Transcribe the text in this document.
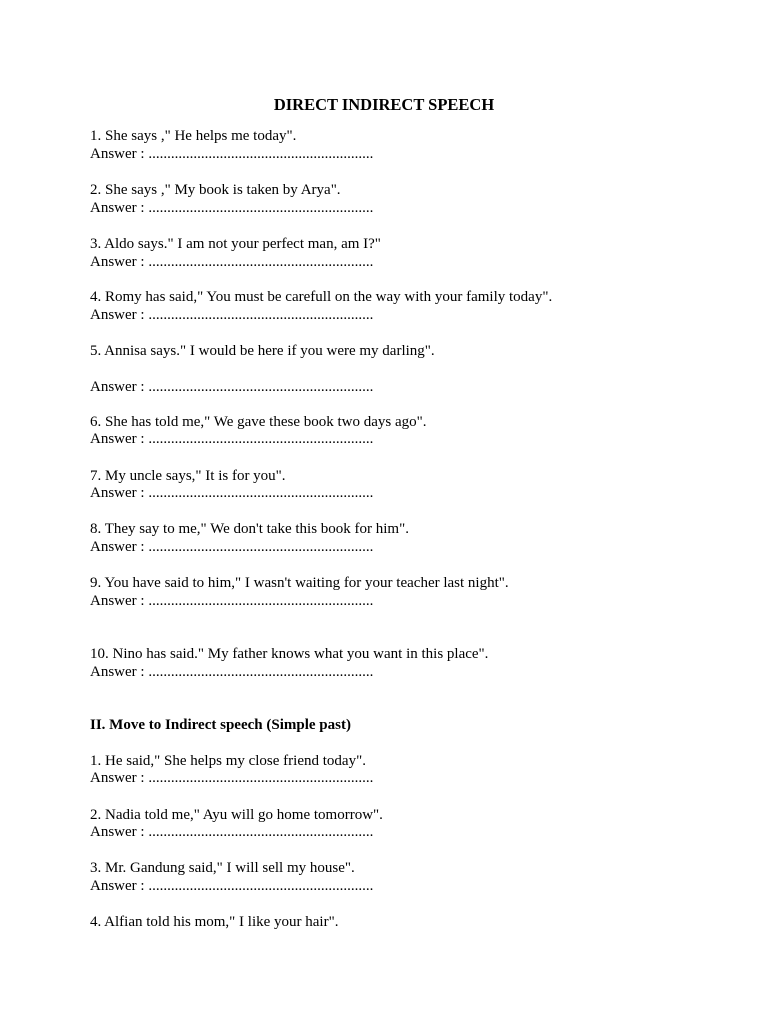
DIRECT INDIRECT SPEECH
1. She says ," He helps me today".
Answer : ............................................................
2. She says ," My book is taken by Arya".
Answer : ............................................................
3. Aldo says." I am not your perfect man, am I?"
Answer : ............................................................
4. Romy has said," You must be carefull on the way with your family today".
Answer : ............................................................
5. Annisa says." I would be here if you were my darling".
Answer : ............................................................
6. She has told me," We gave these book two days ago".
Answer : ............................................................
7. My uncle says," It is for you".
Answer : ............................................................
8. They say to me," We don't take this book for him".
Answer : ............................................................
9. You have said to him," I wasn't waiting for your teacher last night".
Answer : ............................................................
10. Nino has said." My father knows what you want in this place".
Answer : ............................................................
II. Move to Indirect speech (Simple past)
1. He said," She helps my close friend today".
Answer : ............................................................
2. Nadia told me," Ayu will go home tomorrow".
Answer : ............................................................
3. Mr. Gandung said," I will sell my house".
Answer : ............................................................
4. Alfian told his mom," I like your hair".
